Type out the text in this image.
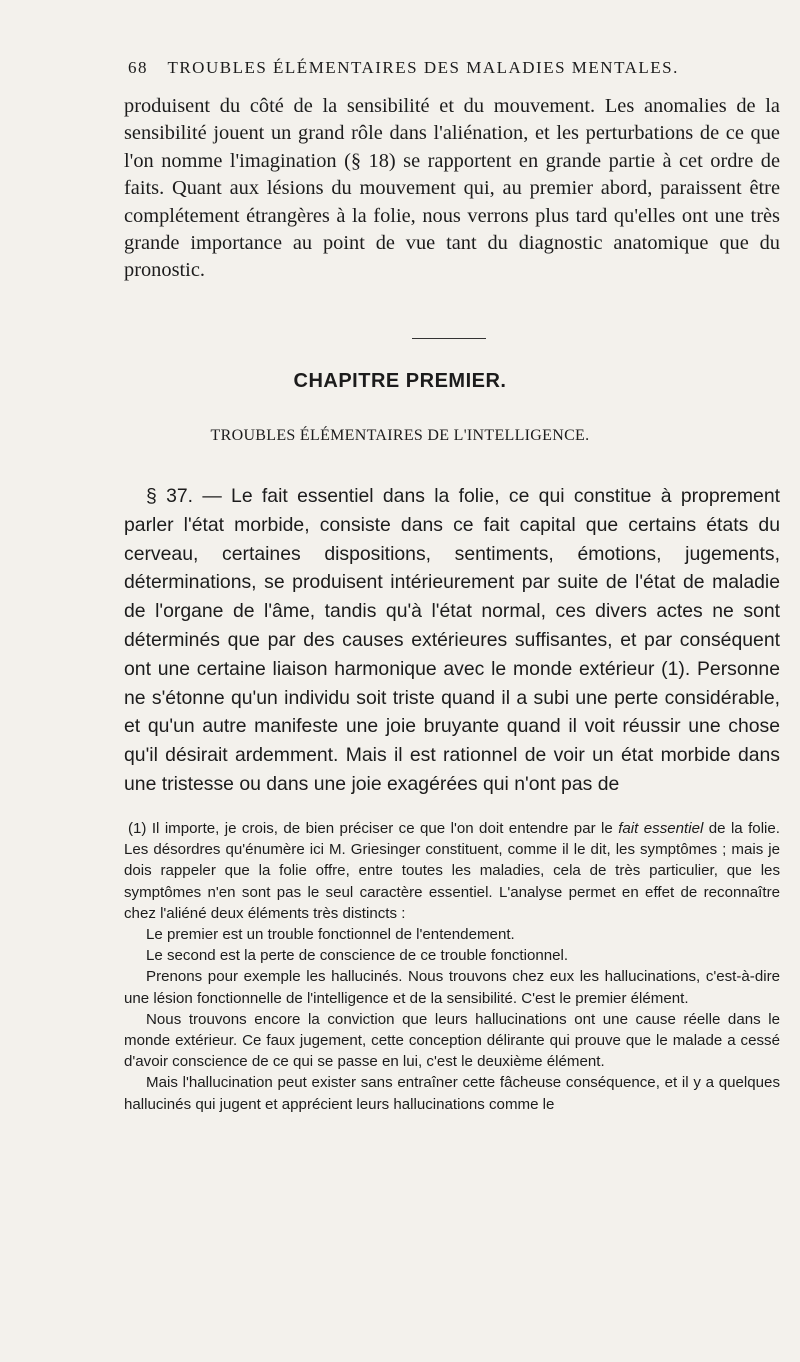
68 TROUBLES ÉLÉMENTAIRES DES MALADIES MENTALES.
produisent du côté de la sensibilité et du mouvement. Les anomalies de la sensibilité jouent un grand rôle dans l'aliénation, et les perturbations de ce que l'on nomme l'imagination (§ 18) se rapportent en grande partie à cet ordre de faits. Quant aux lésions du mouvement qui, au premier abord, paraissent être complétement étrangères à la folie, nous verrons plus tard qu'elles ont une très grande importance au point de vue tant du diagnostic anatomique que du pronostic.
CHAPITRE PREMIER.
TROUBLES ÉLÉMENTAIRES DE L'INTELLIGENCE.

§ 37. — Le fait essentiel dans la folie, ce qui constitue à proprement parler l'état morbide, consiste dans ce fait capital que certains états du cerveau, certaines dispositions, sentiments, émotions, jugements, déterminations, se produisent intérieurement par suite de l'état de maladie de l'organe de l'âme, tandis qu'à l'état normal, ces divers actes ne sont déterminés que par des causes extérieures suffisantes, et par conséquent ont une certaine liaison harmonique avec le monde extérieur (1). Personne ne s'étonne qu'un individu soit triste quand il a subi une perte considérable, et qu'un autre manifeste une joie bruyante quand il voit réussir une chose qu'il désirait ardemment. Mais il est rationnel de voir un état morbide dans une tristesse ou dans une joie exagérées qui n'ont pas de

(1) Il importe, je crois, de bien préciser ce que l'on doit entendre par le fait essentiel de la folie. Les désordres qu'énumère ici M. Griesinger constituent, comme il le dit, les symptômes ; mais je dois rappeler que la folie offre, entre toutes les maladies, cela de très particulier, que les symptômes n'en sont pas le seul caractère essentiel. L'analyse permet en effet de reconnaître chez l'aliéné deux éléments très distincts :

Le premier est un trouble fonctionnel de l'entendement.

Le second est la perte de conscience de ce trouble fonctionnel.

Prenons pour exemple les hallucinés. Nous trouvons chez eux les hallucinations, c'est-à-dire une lésion fonctionnelle de l'intelligence et de la sensibilité. C'est le premier élément.

Nous trouvons encore la conviction que leurs hallucinations ont une cause réelle dans le monde extérieur. Ce faux jugement, cette conception délirante qui prouve que le malade a cessé d'avoir conscience de ce qui se passe en lui, c'est le deuxième élément.

Mais l'hallucination peut exister sans entraîner cette fâcheuse conséquence, et il y a quelques hallucinés qui jugent et apprécient leurs hallucinations comme le
